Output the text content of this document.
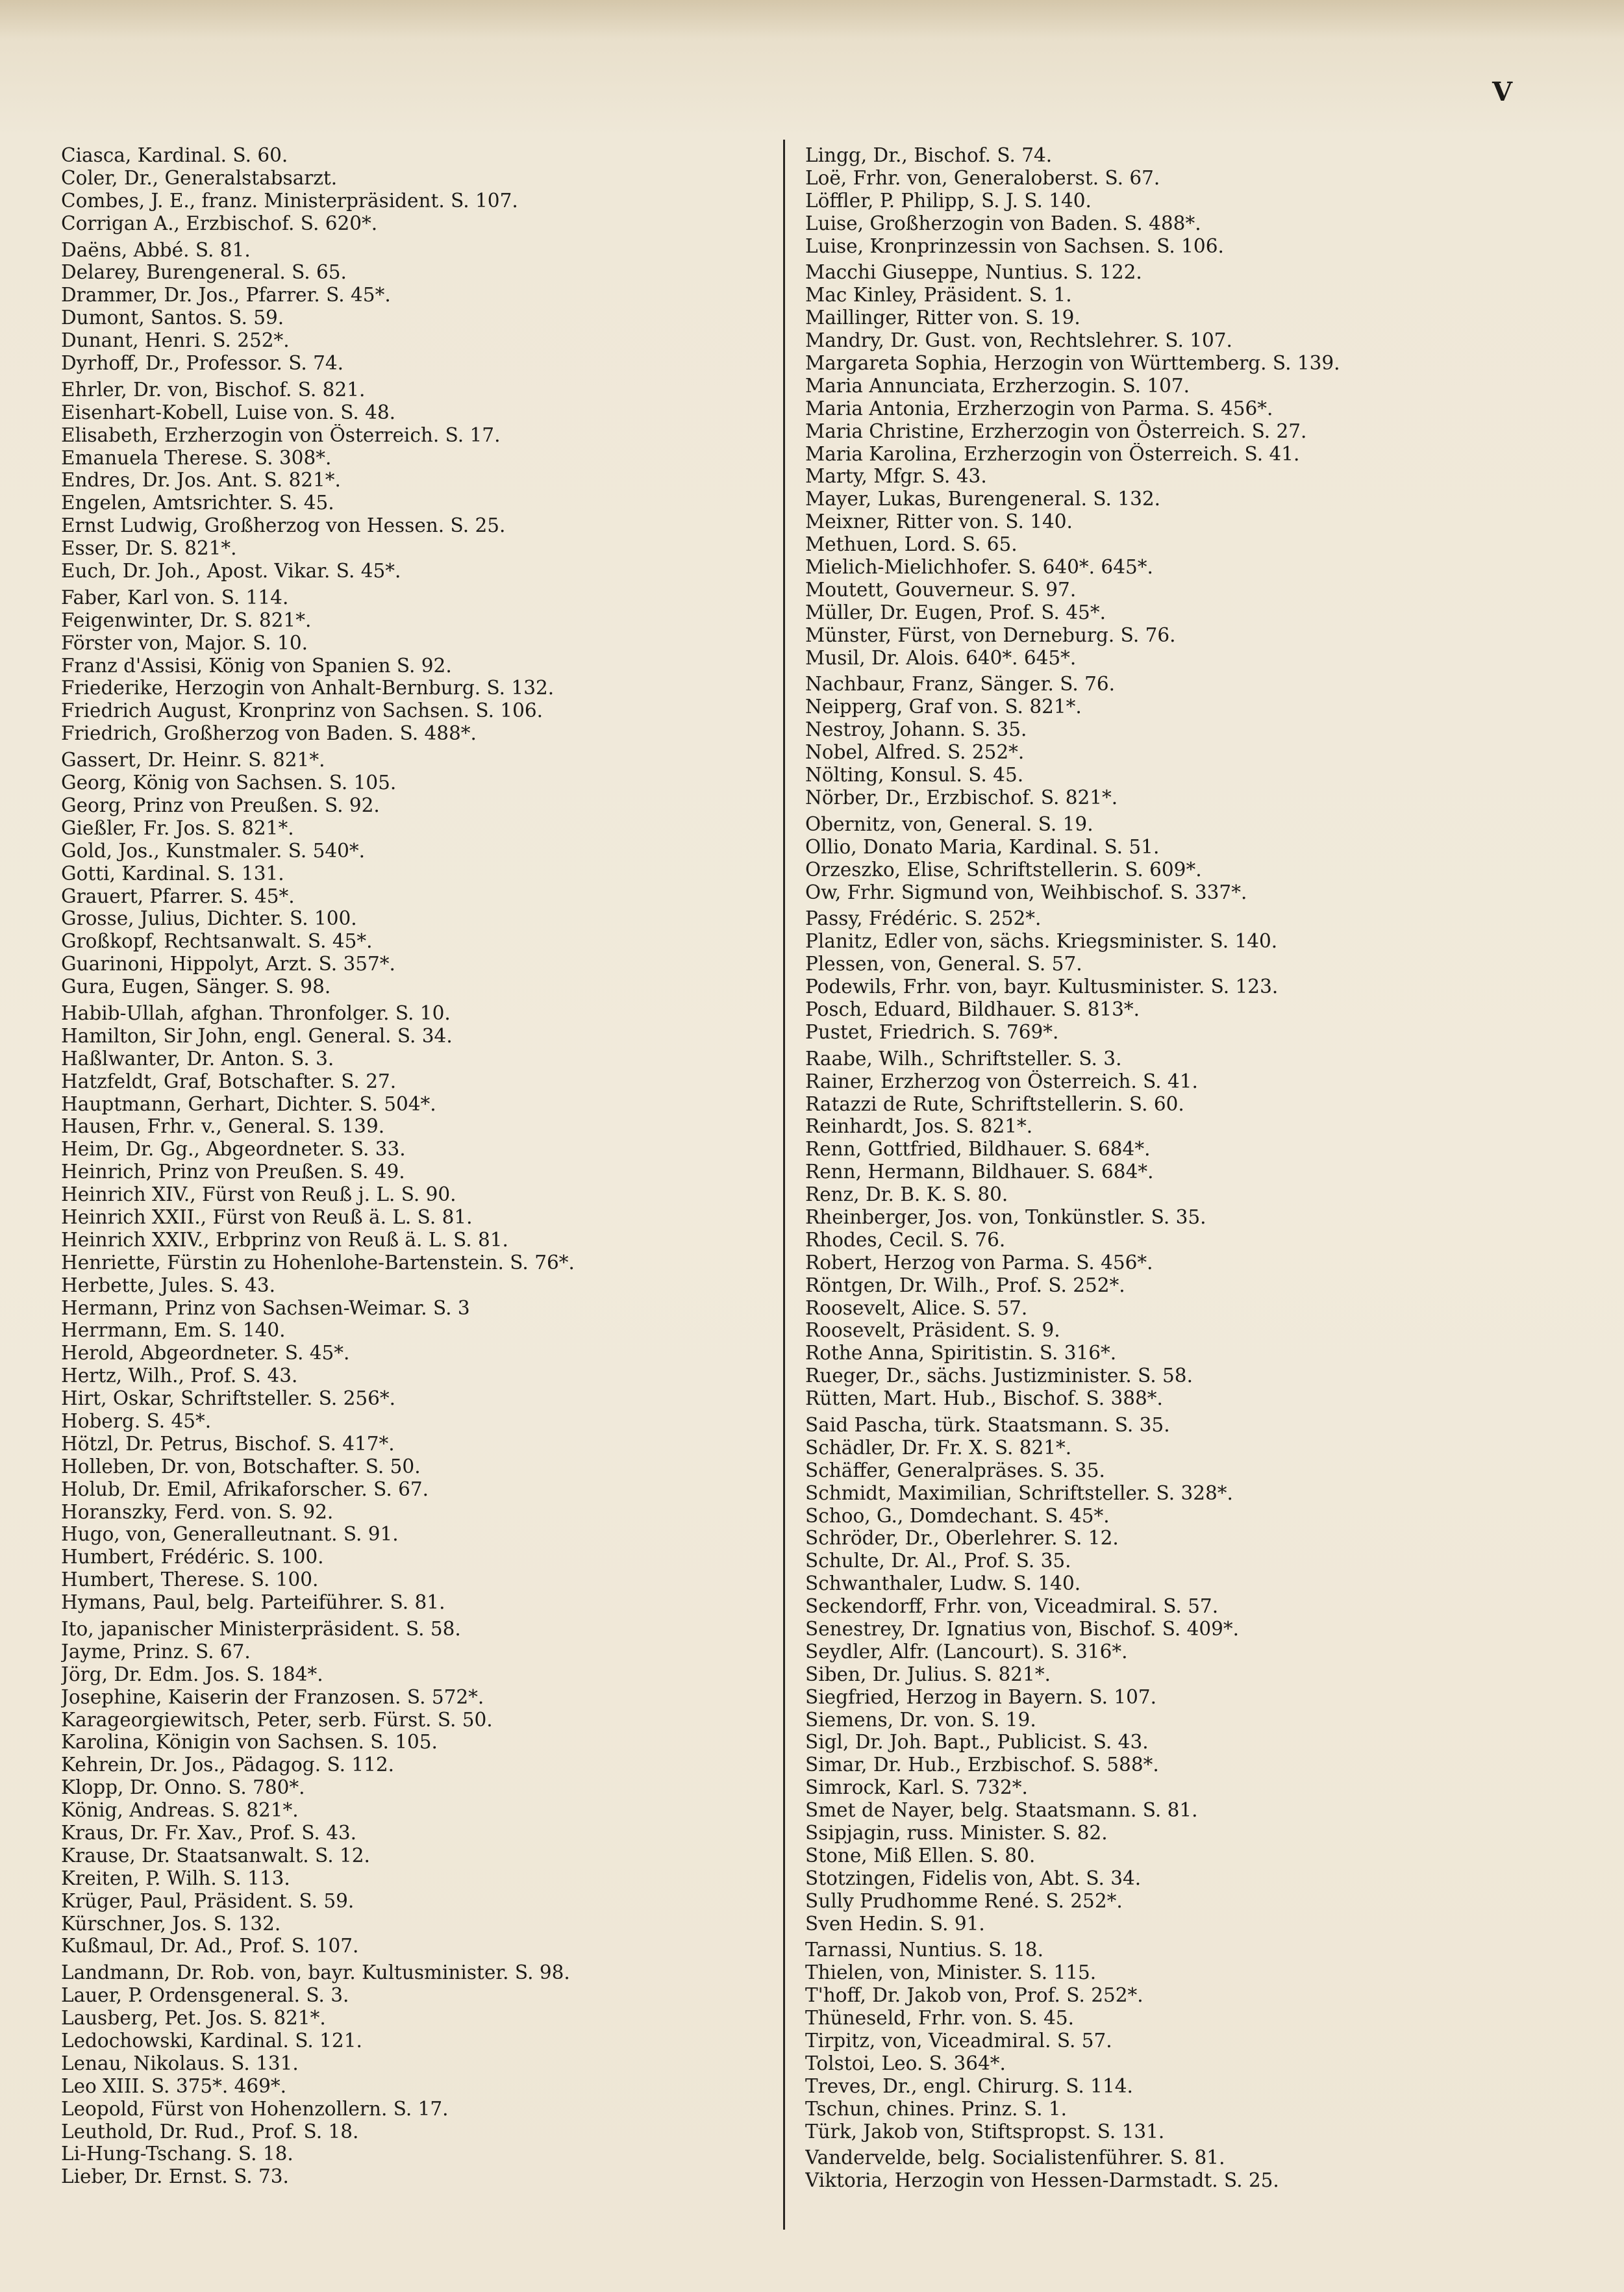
V
Ciasca, Kardinal. S. 60.
Coler, Dr., Generalstabsarzt.
Combes, J. E., franz. Ministerpräsident. S. 107.
Corrigan A., Erzbischof. S. 620*.
Daëns, Abbé. S. 81.
Delarey, Burengeneral. S. 65.
Drammer, Dr. Jos., Pfarrer. S. 45*.
Dumont, Santos. S. 59.
Dunant, Henri. S. 252*.
Dyrhoff, Dr., Professor. S. 74.
Ehrler, Dr. von, Bischof. S. 821.
Eisenhart-Kobell, Luise von. S. 48.
Elisabeth, Erzherzogin von Österreich. S. 17.
Emanuela Therese. S. 308*.
Endres, Dr. Jos. Ant. S. 821*.
Engelen, Amtsrichter. S. 45.
Ernst Ludwig, Großherzog von Hessen. S. 25.
Esser, Dr. S. 821*.
Euch, Dr. Joh., Apost. Vikar. S. 45*.
Faber, Karl von. S. 114.
Feigenwinter, Dr. S. 821*.
Förster von, Major. S. 10.
Franz d'Assisi, König von Spanien S. 92.
Friederike, Herzogin von Anhalt-Bernburg. S. 132.
Friedrich August, Kronprinz von Sachsen. S. 106.
Friedrich, Großherzog von Baden. S. 488*.
Gassert, Dr. Heinr. S. 821*.
Georg, König von Sachsen. S. 105.
Georg, Prinz von Preußen. S. 92.
Gießler, Fr. Jos. S. 821*.
Gold, Jos., Kunstmaler. S. 540*.
Gotti, Kardinal. S. 131.
Grauert, Pfarrer. S. 45*.
Grosse, Julius, Dichter. S. 100.
Großkopf, Rechtsanwalt. S. 45*.
Guarinoni, Hippolyt, Arzt. S. 357*.
Gura, Eugen, Sänger. S. 98.
Habib-Ullah, afghan. Thronfolger. S. 10.
Hamilton, Sir John, engl. General. S. 34.
Haßlwanter, Dr. Anton. S. 3.
Hatzfeldt, Graf, Botschafter. S. 27.
Hauptmann, Gerhart, Dichter. S. 504*.
Hausen, Frhr. v., General. S. 139.
Heim, Dr. Gg., Abgeordneter. S. 33.
Heinrich, Prinz von Preußen. S. 49.
Heinrich XIV., Fürst von Reuß j. L. S. 90.
Heinrich XXII., Fürst von Reuß ä. L. S. 81.
Heinrich XXIV., Erbprinz von Reuß ä. L. S. 81.
Henriette, Fürstin zu Hohenlohe-Bartenstein. S. 76*.
Herbette, Jules. S. 43.
Hermann, Prinz von Sachsen-Weimar. S. 3
Herrmann, Em. S. 140.
Herold, Abgeordneter. S. 45*.
Hertz, Wilh., Prof. S. 43.
Hirt, Oskar, Schriftsteller. S. 256*.
Hoberg. S. 45*.
Hötzl, Dr. Petrus, Bischof. S. 417*.
Holleben, Dr. von, Botschafter. S. 50.
Holub, Dr. Emil, Afrikaforscher. S. 67.
Horanszky, Ferd. von. S. 92.
Hugo, von, Generalleutnant. S. 91.
Humbert, Frédéric. S. 100.
Humbert, Therese. S. 100.
Hymans, Paul, belg. Parteiführer. S. 81.
Ito, japanischer Ministerpräsident. S. 58.
Jayme, Prinz. S. 67.
Jörg, Dr. Edm. Jos. S. 184*.
Josephine, Kaiserin der Franzosen. S. 572*.
Karageorgiewitsch, Peter, serb. Fürst. S. 50.
Karolina, Königin von Sachsen. S. 105.
Kehrein, Dr. Jos., Pädagog. S. 112.
Klopp, Dr. Onno. S. 780*.
König, Andreas. S. 821*.
Kraus, Dr. Fr. Xav., Prof. S. 43.
Krause, Dr. Staatsanwalt. S. 12.
Kreiten, P. Wilh. S. 113.
Krüger, Paul, Präsident. S. 59.
Kürschner, Jos. S. 132.
Kußmaul, Dr. Ad., Prof. S. 107.
Landmann, Dr. Rob. von, bayr. Kultusminister. S. 98.
Lauer, P. Ordensgeneral. S. 3.
Lausberg, Pet. Jos. S. 821*.
Ledochowski, Kardinal. S. 121.
Lenau, Nikolaus. S. 131.
Leo XIII. S. 375*. 469*.
Leopold, Fürst von Hohenzollern. S. 17.
Leuthold, Dr. Rud., Prof. S. 18.
Li-Hung-Tschang. S. 18.
Lieber, Dr. Ernst. S. 73.
Lingg, Dr., Bischof. S. 74.
Loë, Frhr. von, Generaloberst. S. 67.
Löffler, P. Philipp, S. J. S. 140.
Luise, Großherzogin von Baden. S. 488*.
Luise, Kronprinzessin von Sachsen. S. 106.
Macchi Giuseppe, Nuntius. S. 122.
Mac Kinley, Präsident. S. 1.
Maillinger, Ritter von. S. 19.
Mandry, Dr. Gust. von, Rechtslehrer. S. 107.
Margareta Sophia, Herzogin von Württemberg. S. 139.
Maria Annunciata, Erzherzogin. S. 107.
Maria Antonia, Erzherzogin von Parma. S. 456*.
Maria Christine, Erzherzogin von Österreich. S. 27.
Maria Karolina, Erzherzogin von Österreich. S. 41.
Marty, Mfgr. S. 43.
Mayer, Lukas, Burengeneral. S. 132.
Meixner, Ritter von. S. 140.
Methuen, Lord. S. 65.
Mielich-Mielichhofer. S. 640*. 645*.
Moutett, Gouverneur. S. 97.
Müller, Dr. Eugen, Prof. S. 45*.
Münster, Fürst, von Derneburg. S. 76.
Musil, Dr. Alois. 640*. 645*.
Nachbaur, Franz, Sänger. S. 76.
Neipperg, Graf von. S. 821*.
Nestroy, Johann. S. 35.
Nobel, Alfred. S. 252*.
Nölting, Konsul. S. 45.
Nörber, Dr., Erzbischof. S. 821*.
Obernitz, von, General. S. 19.
Ollio, Donato Maria, Kardinal. S. 51.
Orzeszko, Elise, Schriftstellerin. S. 609*.
Ow, Frhr. Sigmund von, Weihbischof. S. 337*.
Passy, Frédéric. S. 252*.
Planitz, Edler von, sächs. Kriegsminister. S. 140.
Plessen, von, General. S. 57.
Podewils, Frhr. von, bayr. Kultusminister. S. 123.
Posch, Eduard, Bildhauer. S. 813*.
Pustet, Friedrich. S. 769*.
Raabe, Wilh., Schriftsteller. S. 3.
Rainer, Erzherzog von Österreich. S. 41.
Ratazzi de Rute, Schriftstellerin. S. 60.
Reinhardt, Jos. S. 821*.
Renn, Gottfried, Bildhauer. S. 684*.
Renn, Hermann, Bildhauer. S. 684*.
Renz, Dr. B. K. S. 80.
Rheinberger, Jos. von, Tonkünstler. S. 35.
Rhodes, Cecil. S. 76.
Robert, Herzog von Parma. S. 456*.
Röntgen, Dr. Wilh., Prof. S. 252*.
Roosevelt, Alice. S. 57.
Roosevelt, Präsident. S. 9.
Rothe Anna, Spiritistin. S. 316*.
Rueger, Dr., sächs. Justizminister. S. 58.
Rütten, Mart. Hub., Bischof. S. 388*.
Said Pascha, türk. Staatsmann. S. 35.
Schädler, Dr. Fr. X. S. 821*.
Schäffer, Generalpräses. S. 35.
Schmidt, Maximilian, Schriftsteller. S. 328*.
Schoo, G., Domdechant. S. 45*.
Schröder, Dr., Oberlehrer. S. 12.
Schulte, Dr. Al., Prof. S. 35.
Schwanthaler, Ludw. S. 140.
Seckendorff, Frhr. von, Viceadmiral. S. 57.
Senestrey, Dr. Ignatius von, Bischof. S. 409*.
Seydler, Alfr. (Lancourt). S. 316*.
Siben, Dr. Julius. S. 821*.
Siegfried, Herzog in Bayern. S. 107.
Siemens, Dr. von. S. 19.
Sigl, Dr. Joh. Bapt., Publicist. S. 43.
Simar, Dr. Hub., Erzbischof. S. 588*.
Simrock, Karl. S. 732*.
Smet de Nayer, belg. Staatsmann. S. 81.
Ssipjagin, russ. Minister. S. 82.
Stone, Miß Ellen. S. 80.
Stotzingen, Fidelis von, Abt. S. 34.
Sully Prudhomme René. S. 252*.
Sven Hedin. S. 91.
Tarnassi, Nuntius. S. 18.
Thielen, von, Minister. S. 115.
T'hoff, Dr. Jakob von, Prof. S. 252*.
Thüneseld, Frhr. von. S. 45.
Tirpitz, von, Viceadmiral. S. 57.
Tolstoi, Leo. S. 364*.
Treves, Dr., engl. Chirurg. S. 114.
Tschun, chines. Prinz. S. 1.
Türk, Jakob von, Stiftspropst. S. 131.
Vandervelde, belg. Socialistenführer. S. 81.
Viktoria, Herzogin von Hessen-Darmstadt. S. 25.
